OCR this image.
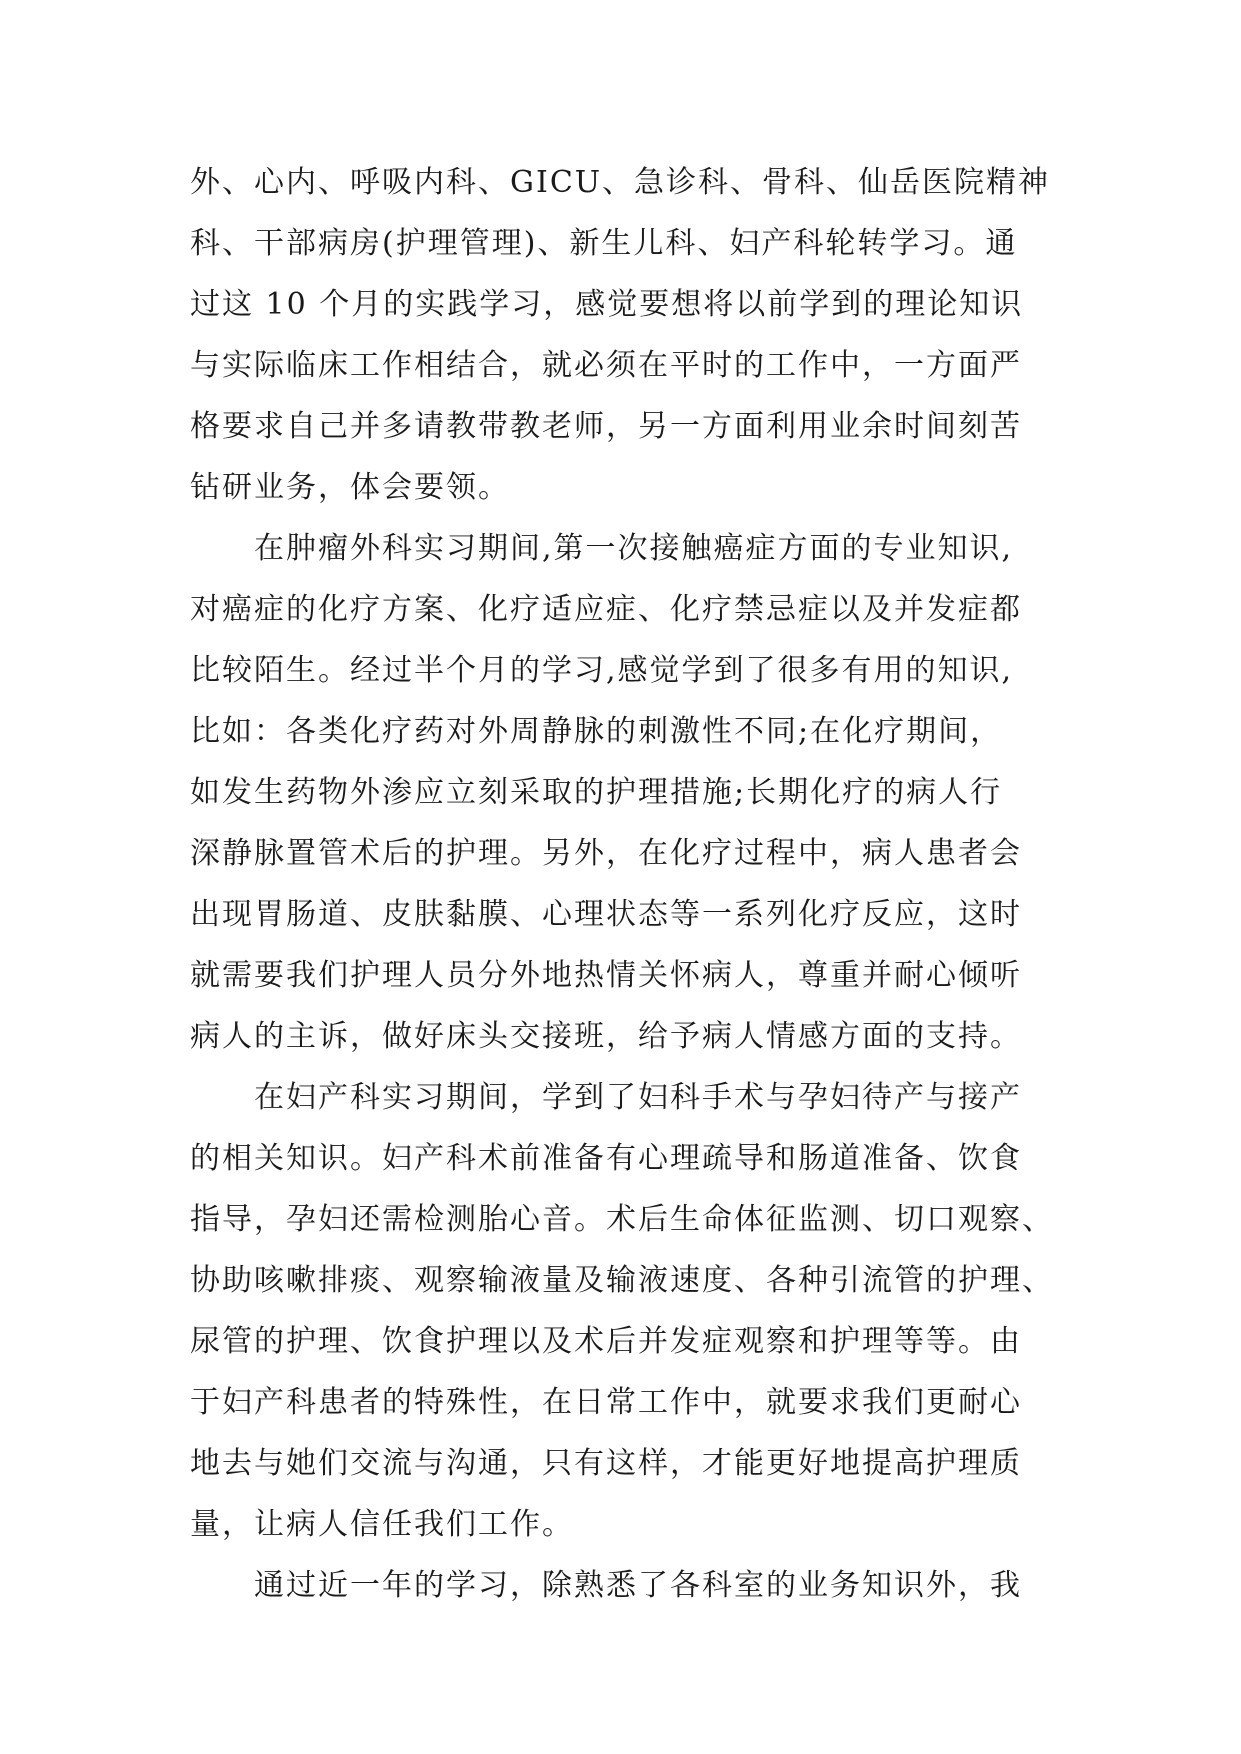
外、心内、呼吸内科、GICU、急诊科、骨科、仙岳医院精神
科、干部病房(护理管理)、新生儿科、妇产科轮转学习。通
过这 10 个月的实践学习，感觉要想将以前学到的理论知识
与实际临床工作相结合，就必须在平时的工作中，一方面严
格要求自己并多请教带教老师，另一方面利用业余时间刻苦
钻研业务，体会要领。
在肿瘤外科实习期间,第一次接触癌症方面的专业知识,
对癌症的化疗方案、化疗适应症、化疗禁忌症以及并发症都
比较陌生。经过半个月的学习,感觉学到了很多有用的知识,
比如：各类化疗药对外周静脉的刺激性不同;在化疗期间，
如发生药物外渗应立刻采取的护理措施;长期化疗的病人行
深静脉置管术后的护理。另外，在化疗过程中，病人患者会
出现胃肠道、皮肤黏膜、心理状态等一系列化疗反应，这时
就需要我们护理人员分外地热情关怀病人，尊重并耐心倾听
病人的主诉，做好床头交接班，给予病人情感方面的支持。
在妇产科实习期间，学到了妇科手术与孕妇待产与接产
的相关知识。妇产科术前准备有心理疏导和肠道准备、饮食
指导，孕妇还需检测胎心音。术后生命体征监测、切口观察、
协助咳嗽排痰、观察输液量及输液速度、各种引流管的护理、
尿管的护理、饮食护理以及术后并发症观察和护理等等。由
于妇产科患者的特殊性，在日常工作中，就要求我们更耐心
地去与她们交流与沟通，只有这样，才能更好地提高护理质
量，让病人信任我们工作。
通过近一年的学习，除熟悉了各科室的业务知识外，我
